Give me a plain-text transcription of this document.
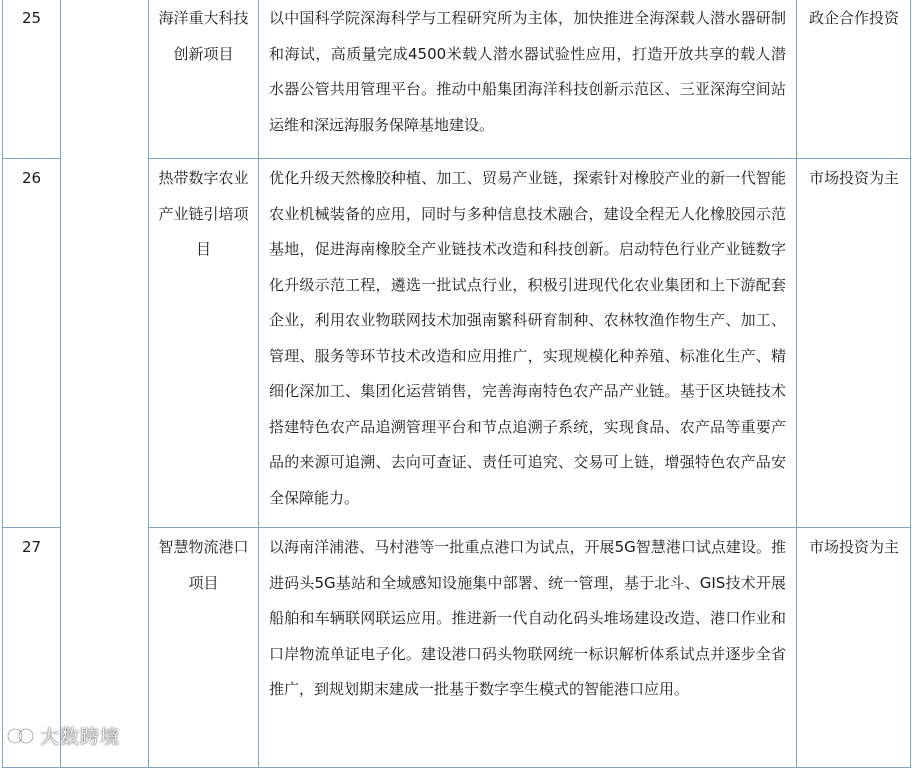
25		海洋重大科技创新项目	以中国科学院深海科学与工程研究所为主体，加快推进全海深载人潜水器研制和海试，高质量完成4500米载人潜水器试验性应用，打造开放共享的载人潜水器公管共用管理平台。推动中船集团海洋科技创新示范区、三亚深海空间站运维和深远海服务保障基地建设。	政企合作投资
26		热带数字农业产业链引培项目	优化升级天然橡胶种植、加工、贸易产业链，探索针对橡胶产业的新一代智能农业机械装备的应用，同时与多种信息技术融合，建设全程无人化橡胶园示范基地，促进海南橡胶全产业链技术改造和科技创新。启动特色行业产业链数字化升级示范工程，遴选一批试点行业，积极引进现代化农业集团和上下游配套企业，利用农业物联网技术加强南繁科研育制种、农林牧渔作物生产、加工、管理、服务等环节技术改造和应用推广，实现规模化种养殖、标准化生产、精细化深加工、集团化运营销售，完善海南特色农产品产业链。基于区块链技术搭建特色农产品追溯管理平台和节点追溯子系统，实现食品、农产品等重要产品的来源可追溯、去向可查证、责任可追究、交易可上链，增强特色农产品安全保障能力。	市场投资为主
27		智慧物流港口项目	以海南洋浦港、马村港等一批重点港口为试点，开展5G智慧港口试点建设。推进码头5G基站和全域感知设施集中部署、统一管理，基于北斗、GIS技术开展船舶和车辆联网联运应用。推进新一代自动化码头堆场建设改造、港口作业和口岸物流单证电子化。建设港口码头物联网统一标识解析体系试点并逐步全省推广，到规划期末建成一批基于数字孪生模式的智能港口应用。	市场投资为主
大数跨境
